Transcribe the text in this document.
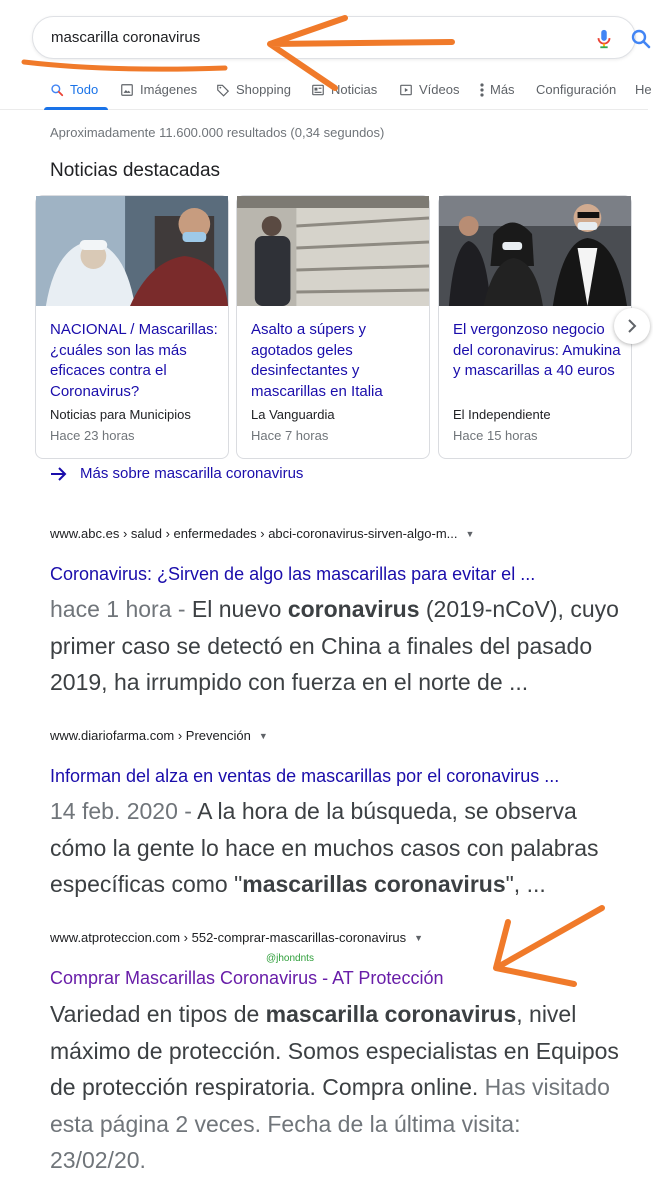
mascarilla coronavirus
Todo	Imágenes	Shopping	Noticias	Vídeos Más Configuración He
Aproximadamente 11.600.000 resultados (0,34 segundos)
Noticias destacadas
NACIONAL / Mascarillas: ¿cuáles son las más eficaces contra el Coronavirus?
Noticias para Municipios
Hace 23 horas
Asalto a súpers y agotados geles desinfectantes y mascarillas en Italia
La Vanguardia
Hace 7 horas
El vergonzoso negocio del coronavirus: Amukina y mascarillas a 40 euros
El Independiente
Hace 15 horas
Más sobre mascarilla coronavirus
www.abc.es › salud › enfermedades › abci-coronavirus-sirven-algo-m... ▼
Coronavirus: ¿Sirven de algo las mascarillas para evitar el ...
hace 1 hora - El nuevo coronavirus (2019-nCoV), cuyo primer caso se detectó en China a finales del pasado 2019, ha irrumpido con fuerza en el norte de ...
www.diariofarma.com › Prevención ▼
Informan del alza en ventas de mascarillas por el coronavirus ...
14 feb. 2020 - A la hora de la búsqueda, se observa cómo la gente lo hace en muchos casos con palabras específicas como "mascarillas coronavirus", ...
www.atproteccion.com › 552-comprar-mascarillas-coronavirus ▼
@jhondnts
Comprar Mascarillas Coronavirus - AT Protección
Variedad en tipos de mascarilla coronavirus, nivel máximo de protección. Somos especialistas en Equipos de protección respiratoria. Compra online. Has visitado esta página 2 veces. Fecha de la última visita: 23/02/20.
